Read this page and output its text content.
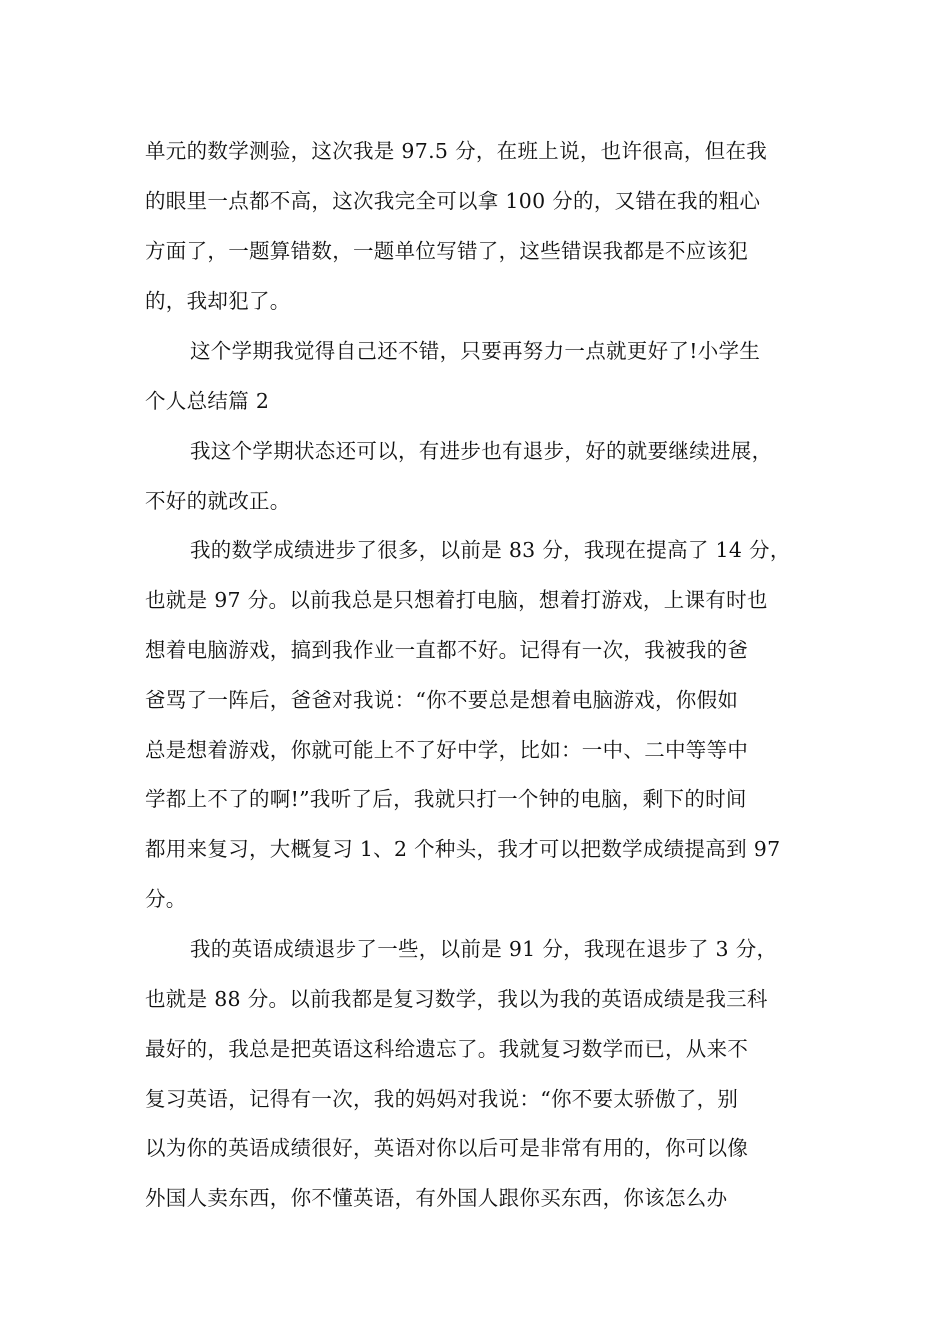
单元的数学测验，这次我是 97.5 分，在班上说，也许很高，但在我
的眼里一点都不高，这次我完全可以拿 100 分的，又错在我的粗心
方面了，一题算错数，一题单位写错了，这些错误我都是不应该犯
的，我却犯了。
这个学期我觉得自己还不错，只要再努力一点就更好了!小学生
个人总结篇 2
我这个学期状态还可以，有进步也有退步，好的就要继续进展，
不好的就改正。
我的数学成绩进步了很多，以前是 83 分，我现在提高了 14 分，
也就是 97 分。以前我总是只想着打电脑，想着打游戏，上课有时也
想着电脑游戏，搞到我作业一直都不好。记得有一次，我被我的爸
爸骂了一阵后，爸爸对我说：“你不要总是想着电脑游戏，你假如
总是想着游戏，你就可能上不了好中学，比如：一中、二中等等中
学都上不了的啊!”我听了后，我就只打一个钟的电脑，剩下的时间
都用来复习，大概复习 1、2 个种头，我才可以把数学成绩提高到 97
分。
我的英语成绩退步了一些，以前是 91 分，我现在退步了 3 分，
也就是 88 分。以前我都是复习数学，我以为我的英语成绩是我三科
最好的，我总是把英语这科给遗忘了。我就复习数学而已，从来不
复习英语，记得有一次，我的妈妈对我说：“你不要太骄傲了，别
以为你的英语成绩很好，英语对你以后可是非常有用的，你可以像
外国人卖东西，你不懂英语，有外国人跟你买东西，你该怎么办
